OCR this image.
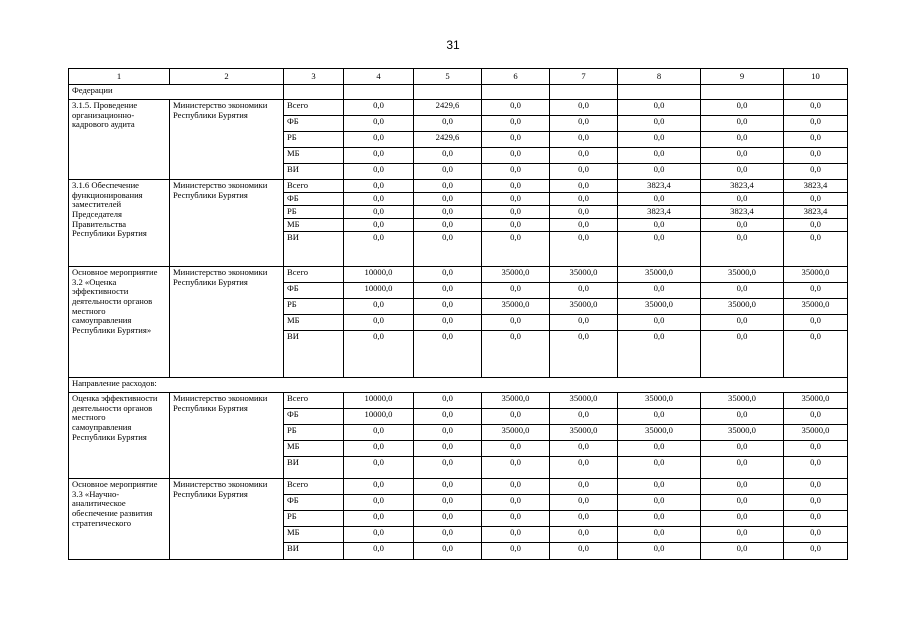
31
1	2	3	4	5	6	7	8	9	10
Федерации									
3.1.5. Проведение организационно-кадрового аудита	Министерство экономики Республики Бурятия	Всего	0,0	2429,6	0,0	0,0	0,0	0,0	0,0
		ФБ	0,0	0,0	0,0	0,0	0,0	0,0	0,0
		РБ	0,0	2429,6	0,0	0,0	0,0	0,0	0,0
		МБ	0,0	0,0	0,0	0,0	0,0	0,0	0,0
		ВИ	0,0	0,0	0,0	0,0	0,0	0,0	0,0
3.1.6 Обеспечение функционирования заместителей Председателя Правительства Республики Бурятия	Министерство экономики Республики Бурятия	Всего	0,0	0,0	0,0	0,0	3823,4	3823,4	3823,4
		ФБ	0,0	0,0	0,0	0,0	0,0	0,0	0,0
		РБ	0,0	0,0	0,0	0,0	3823,4	3823,4	3823,4
		МБ	0,0	0,0	0,0	0,0	0,0	0,0	0,0
		ВИ	0,0	0,0	0,0	0,0	0,0	0,0	0,0
Основное мероприятие 3.2 «Оценка эффективности деятельности органов местного самоуправления Республики Бурятия»	Министерство экономики Республики Бурятия	Всего	10000,0	0,0	35000,0	35000,0	35000,0	35000,0	35000,0
		ФБ	10000,0	0,0	0,0	0,0	0,0	0,0	0,0
		РБ	0,0	0,0	35000,0	35000,0	35000,0	35000,0	35000,0
		МБ	0,0	0,0	0,0	0,0	0,0	0,0	0,0
		ВИ	0,0	0,0	0,0	0,0	0,0	0,0	0,0
Направление расходов:									
Оценка эффективности деятельности органов местного самоуправления Республики Бурятия	Министерство экономики Республики Бурятия	Всего	10000,0	0,0	35000,0	35000,0	35000,0	35000,0	35000,0
		ФБ	10000,0	0,0	0,0	0,0	0,0	0,0	0,0
		РБ	0,0	0,0	35000,0	35000,0	35000,0	35000,0	35000,0
		МБ	0,0	0,0	0,0	0,0	0,0	0,0	0,0
		ВИ	0,0	0,0	0,0	0,0	0,0	0,0	0,0
Основное мероприятие 3.3 «Научно-аналитическое обеспечение развития стратегического	Министерство экономики Республики Бурятия	Всего	0,0	0,0	0,0	0,0	0,0	0,0	0,0
		ФБ	0,0	0,0	0,0	0,0	0,0	0,0	0,0
		РБ	0,0	0,0	0,0	0,0	0,0	0,0	0,0
		МБ	0,0	0,0	0,0	0,0	0,0	0,0	0,0
		ВИ	0,0	0,0	0,0	0,0	0,0	0,0	0,0
